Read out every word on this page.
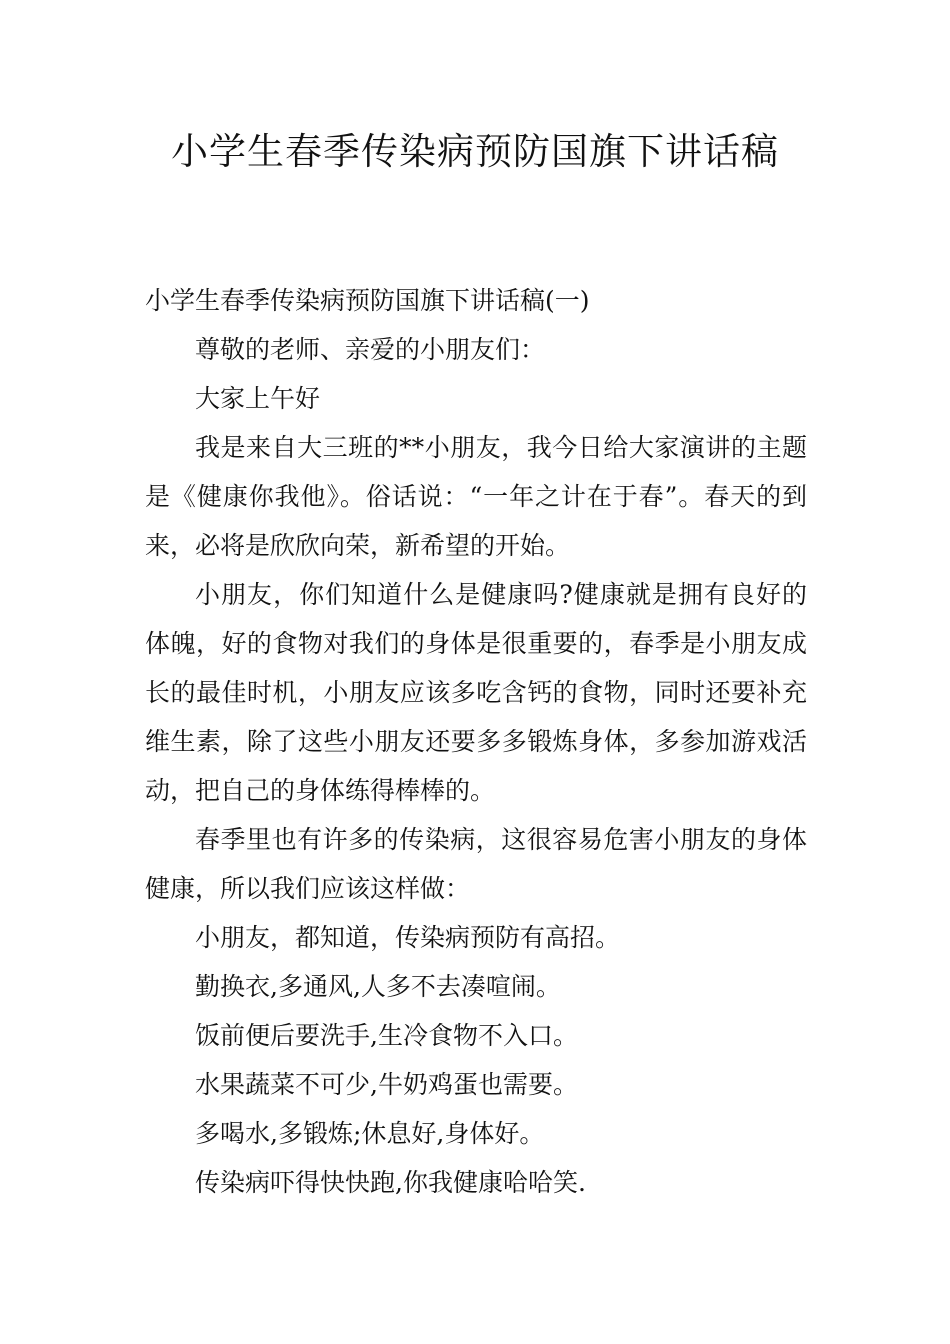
小学生春季传染病预防国旗下讲话稿

小学生春季传染病预防国旗下讲话稿(一)

尊敬的老师、亲爱的小朋友们：

大家上午好

我是来自大三班的**小朋友，我今日给大家演讲的主题是《健康你我他》。俗话说：“一年之计在于春”。春天的到来，必将是欣欣向荣，新希望的开始。

小朋友，你们知道什么是健康吗?健康就是拥有良好的体魄，好的食物对我们的身体是很重要的，春季是小朋友成长的最佳时机，小朋友应该多吃含钙的食物，同时还要补充维生素，除了这些小朋友还要多多锻炼身体，多参加游戏活动，把自己的身体练得棒棒的。

春季里也有许多的传染病，这很容易危害小朋友的身体健康，所以我们应该这样做：

小朋友，都知道，传染病预防有高招。

勤换衣,多通风,人多不去凑喧闹。

饭前便后要洗手,生冷食物不入口。

水果蔬菜不可少,牛奶鸡蛋也需要。

多喝水,多锻炼;休息好,身体好。

传染病吓得快快跑,你我健康哈哈笑.
